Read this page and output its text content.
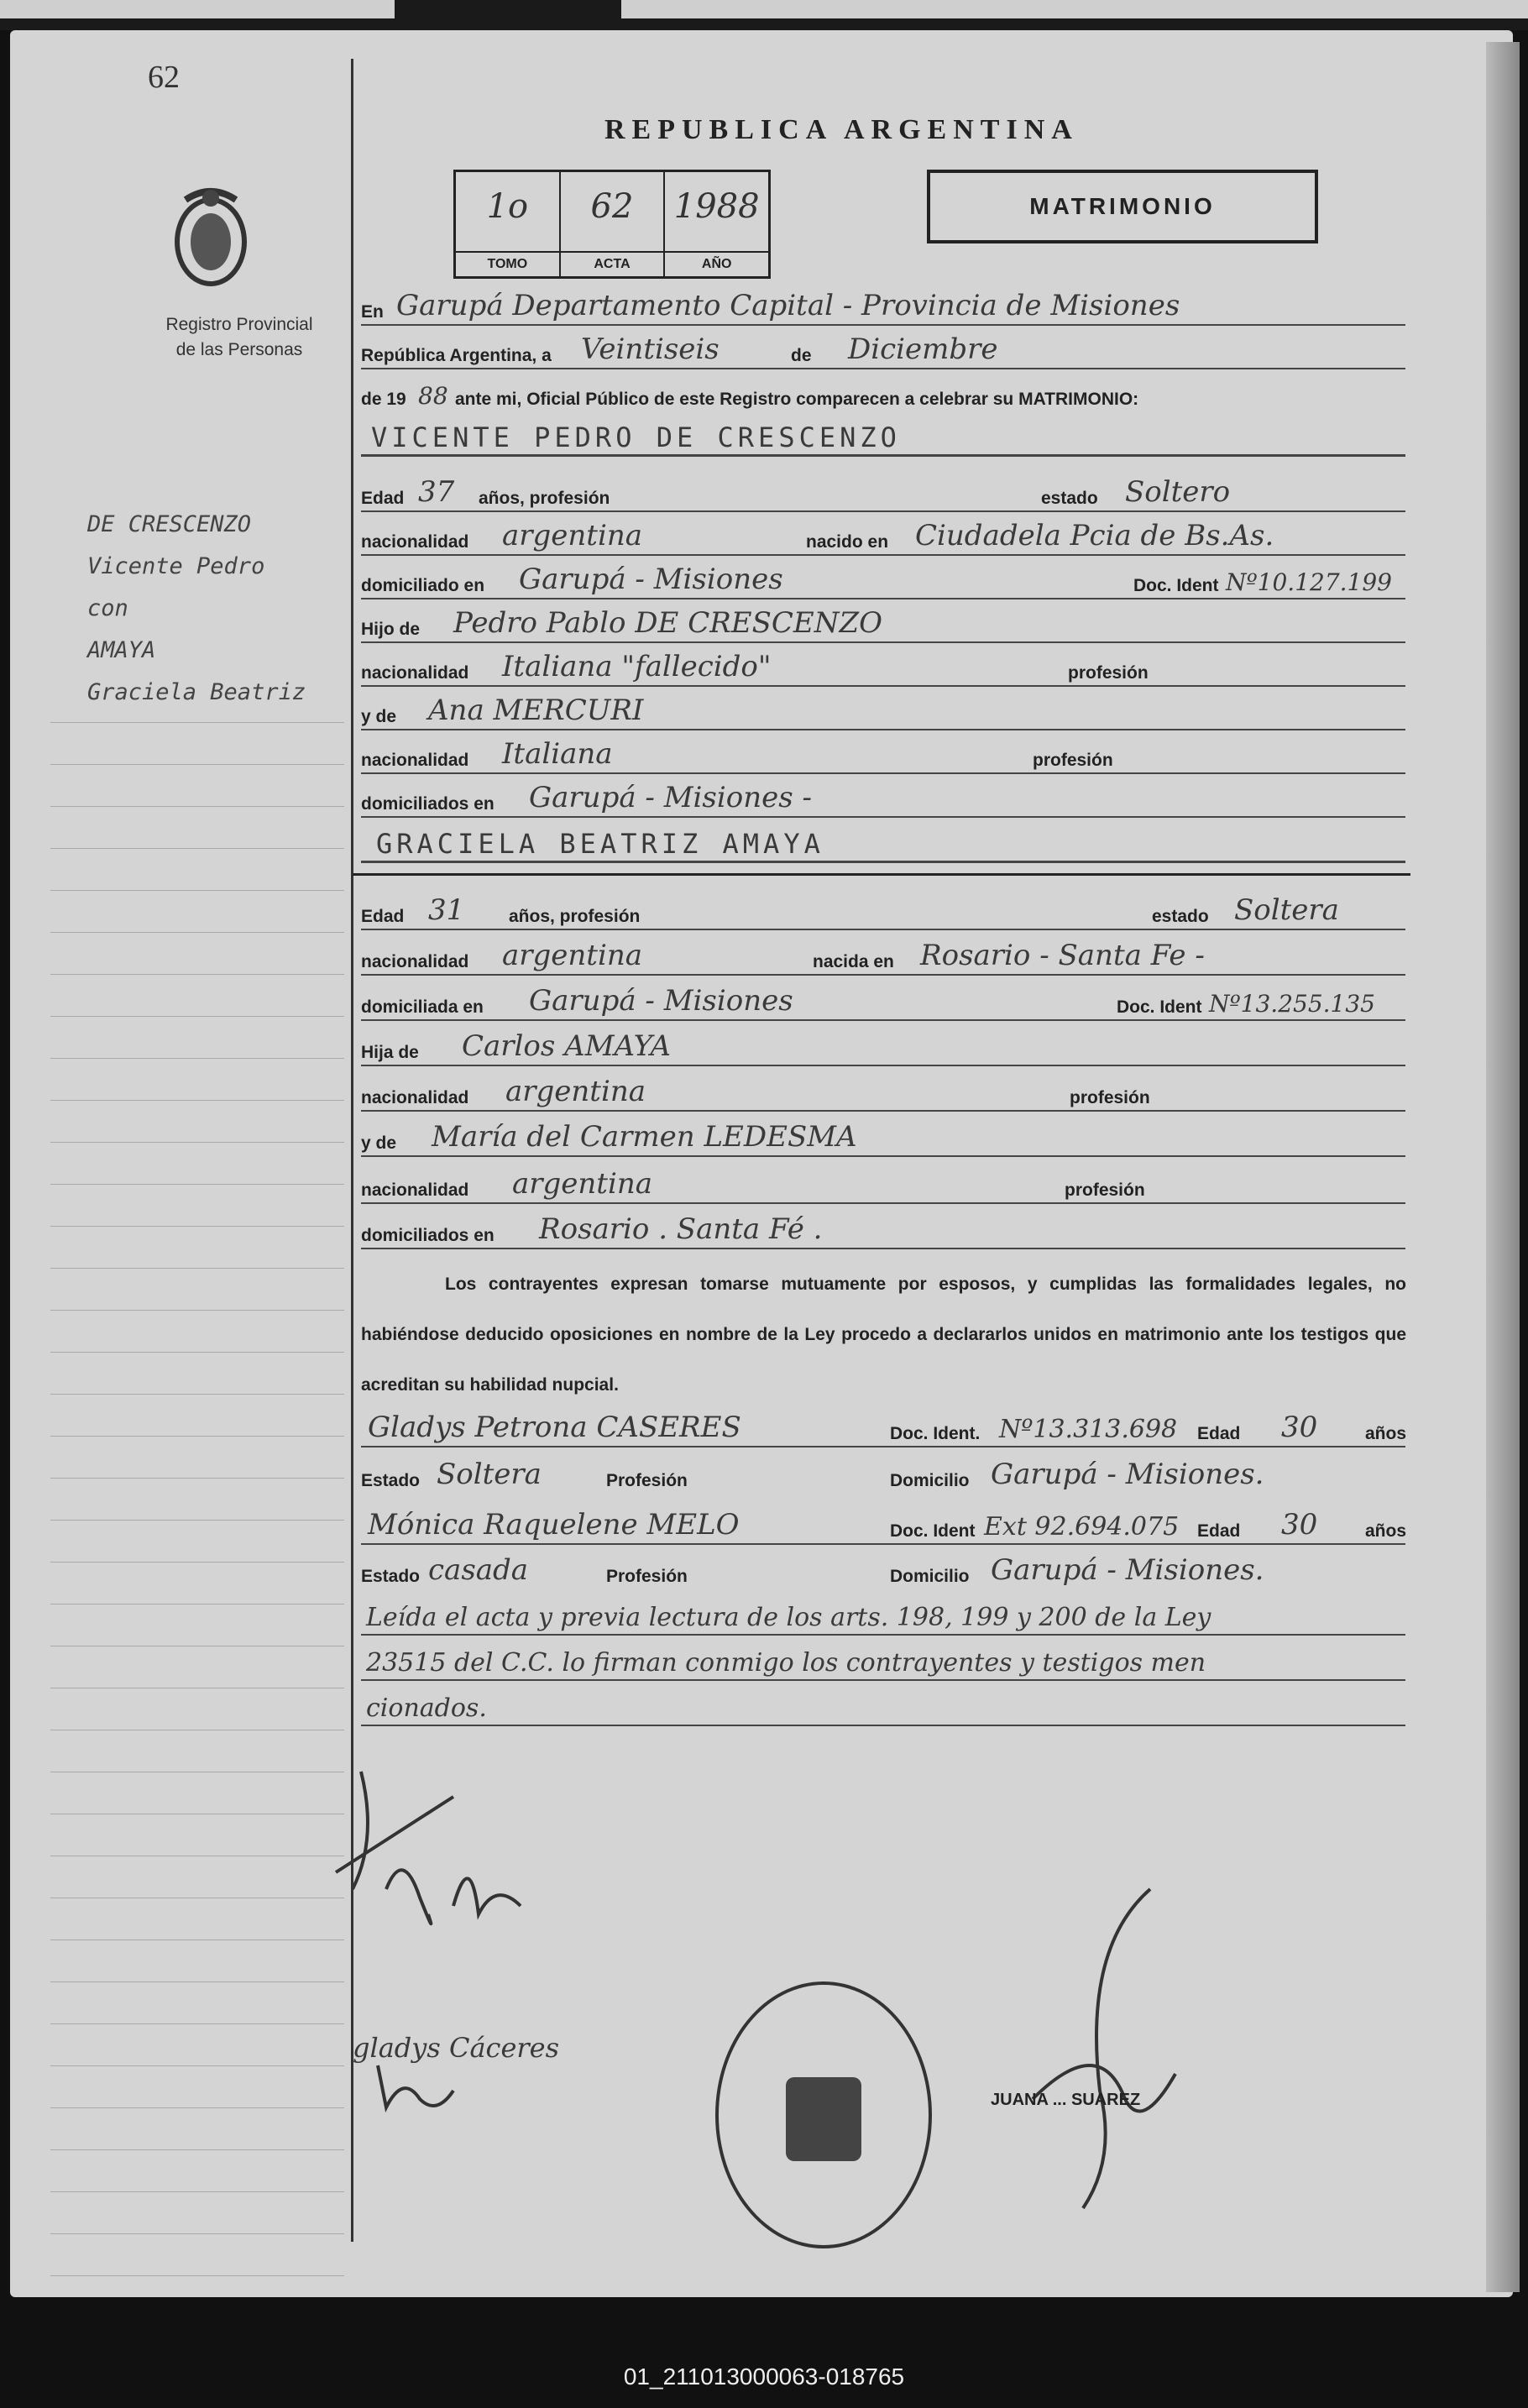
62
REPUBLICA ARGENTINA
Registro Provincial
de las Personas
1o
TOMO
62
ACTA
1988
AÑO
MATRIMONIO
DE CRESCENZO
Vicente Pedro
con
AMAYA
Graciela Beatriz
En Garupá Departamento Capital - Provincia de Misiones
República Argentina, a Veintiseis	de Diciembre
de 19 88 ante mi, Oficial Público de este Registro comparecen a celebrar su MATRIMONIO:
VICENTE PEDRO DE CRESCENZO
Edad 37 años, profesión	estado Soltero
nacionalidad argentina	nacido en Ciudadela Pcia de Bs.As.
domiciliado en Garupá - Misiones	Doc. Ident Nº10.127.199
Hijo de Pedro Pablo DE CRESCENZO
nacionalidad Italiana "fallecido"	profesión
y de Ana MERCURI
nacionalidad Italiana	profesión
domiciliados en Garupá - Misiones -
GRACIELA BEATRIZ AMAYA
Edad 31	años, profesión	estado Soltera
nacionalidad argentina	nacida en Rosario - Santa Fe -
domiciliada en Garupá - Misiones	Doc. Ident Nº13.255.135
Hija de Carlos AMAYA
nacionalidad argentina	profesión
y de María del Carmen LEDESMA
nacionalidad argentina	profesión
domiciliados en Rosario . Santa Fé .
Los contrayentes expresan tomarse mutuamente por esposos, y cumplidas las formalidades legales, no habiéndose deducido oposiciones en nombre de la Ley procedo a declararlos unidos en matrimonio ante los testigos que acreditan su habilidad nupcial.
Gladys Petrona CASERES	Doc. Ident. Nº13.313.698 Edad 30	años
Estado Soltera	Profesión	Domicilio Garupá - Misiones.
Mónica Raquelene MELO	Doc. Ident Ext 92.694.075 Edad 30	años
Estado casada	Profesión	Domicilio Garupá - Misiones.
Leída el acta y previa lectura de los arts. 198, 199 y 200 de la Ley
23515 del C.C. lo firman conmigo los contrayentes y testigos men
cionados.
gladys Cáceres
JUANA ... SUAREZ
01_211013000063-018765
